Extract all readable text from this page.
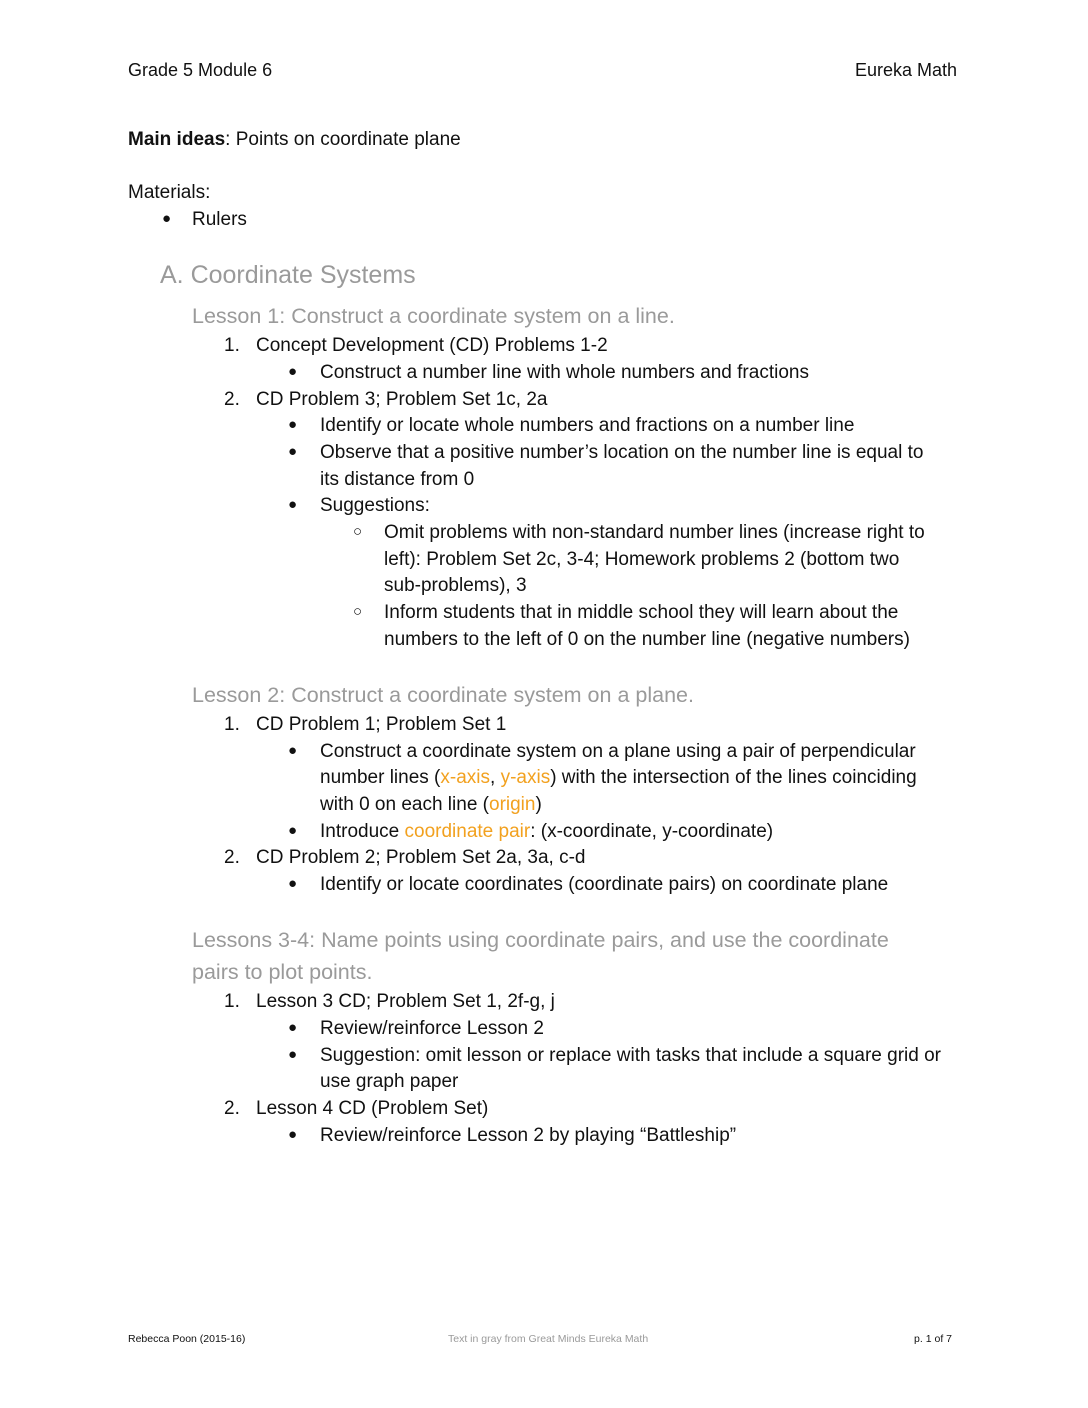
Grade 5 Module 6	Eureka Math
Main ideas: Points on coordinate plane
Materials:
● Rulers
A. Coordinate Systems
Lesson 1: Construct a coordinate system on a line.
1. Concept Development (CD) Problems 1-2
● Construct a number line with whole numbers and fractions
2. CD Problem 3; Problem Set 1c, 2a
● Identify or locate whole numbers and fractions on a number line
● Observe that a positive number’s location on the number line is equal to
its distance from 0
● Suggestions:
○ Omit problems with non-standard number lines (increase right to
left): Problem Set 2c, 3-4; Homework problems 2 (bottom two
sub-problems), 3
○ Inform students that in middle school they will learn about the
numbers to the left of 0 on the number line (negative numbers)
Lesson 2: Construct a coordinate system on a plane.
1. CD Problem 1; Problem Set 1
● Construct a coordinate system on a plane using a pair of perpendicular
number lines (x-axis, y-axis) with the intersection of the lines coinciding
with 0 on each line (origin)
● Introduce coordinate pair: (x-coordinate, y-coordinate)
2. CD Problem 2; Problem Set 2a, 3a, c-d
● Identify or locate coordinates (coordinate pairs) on coordinate plane
Lessons 3-4: Name points using coordinate pairs, and use the coordinate
pairs to plot points.
1. Lesson 3 CD; Problem Set 1, 2f-g, j
● Review/reinforce Lesson 2
● Suggestion: omit lesson or replace with tasks that include a square grid or
use graph paper
2. Lesson 4 CD (Problem Set)
● Review/reinforce Lesson 2 by playing “Battleship”
Rebecca Poon (2015-16)	Text in gray from Great Minds Eureka Math	p. 1 of 7
